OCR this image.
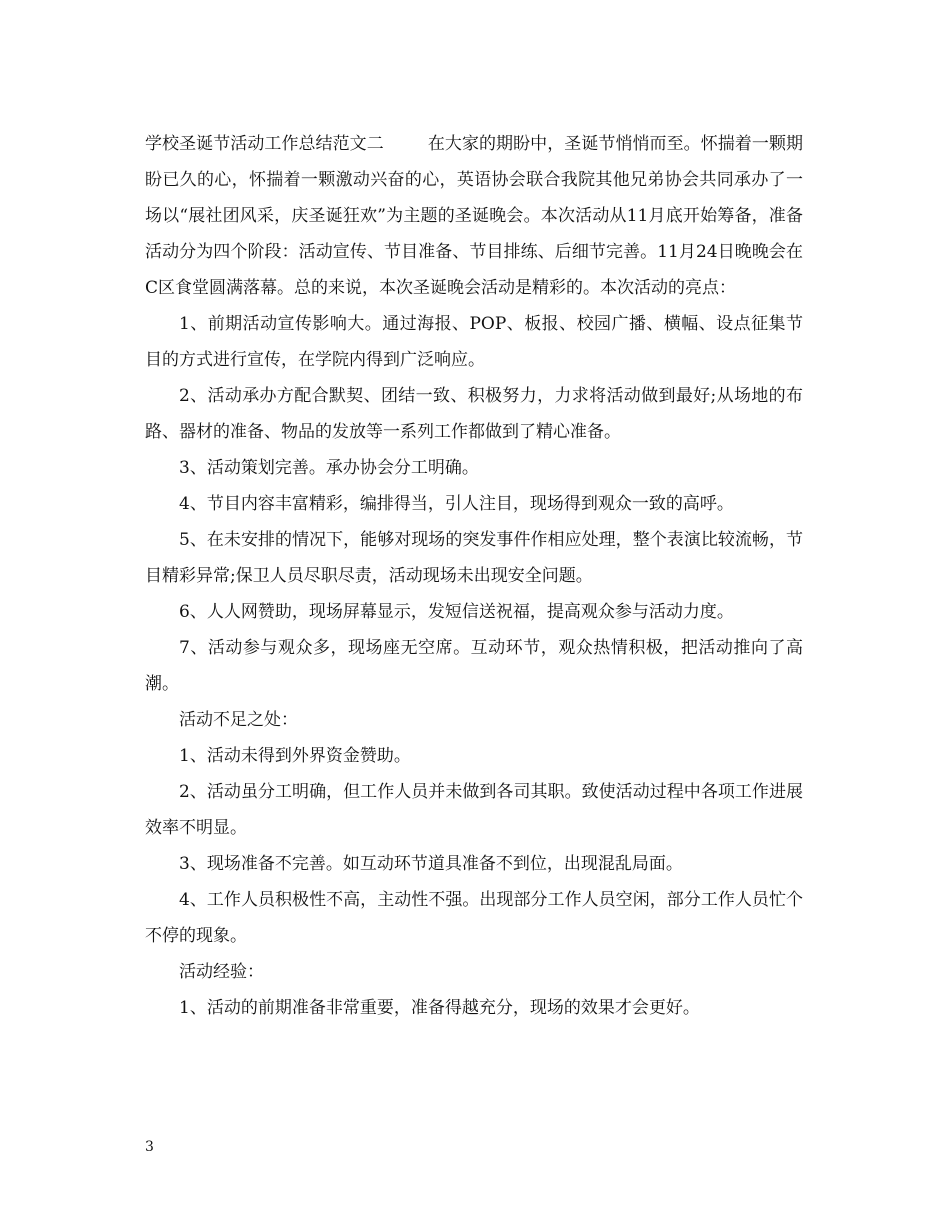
学校圣诞节活动工作总结范文二	在大家的期盼中，圣诞节悄悄而至。怀揣着一颗期盼已久的心，怀揣着一颗激动兴奋的心，英语协会联合我院其他兄弟协会共同承办了一场以“展社团风采，庆圣诞狂欢”为主题的圣诞晚会。本次活动从11月底开始筹备，准备活动分为四个阶段：活动宣传、节目准备、节目排练、后细节完善。11月24日晚晚会在C区食堂圆满落幕。总的来说，本次圣诞晚会活动是精彩的。本次活动的亮点：

1、前期活动宣传影响大。通过海报、POP、板报、校园广播、横幅、设点征集节目的方式进行宣传，在学院内得到广泛响应。

2、活动承办方配合默契、团结一致、积极努力，力求将活动做到最好;从场地的布路、器材的准备、物品的发放等一系列工作都做到了精心准备。

3、活动策划完善。承办协会分工明确。

4、节目内容丰富精彩，编排得当，引人注目，现场得到观众一致的高呼。

5、在未安排的情况下，能够对现场的突发事件作相应处理，整个表演比较流畅，节目精彩异常;保卫人员尽职尽责，活动现场未出现安全问题。

6、人人网赞助，现场屏幕显示，发短信送祝福，提高观众参与活动力度。

7、活动参与观众多，现场座无空席。互动环节，观众热情积极，把活动推向了高潮。

活动不足之处：

1、活动未得到外界资金赞助。

2、活动虽分工明确，但工作人员并未做到各司其职。致使活动过程中各项工作进展效率不明显。

3、现场准备不完善。如互动环节道具准备不到位，出现混乱局面。

4、工作人员积极性不高，主动性不强。出现部分工作人员空闲，部分工作人员忙个不停的现象。

活动经验：

1、活动的前期准备非常重要，准备得越充分，现场的效果才会更好。

3
